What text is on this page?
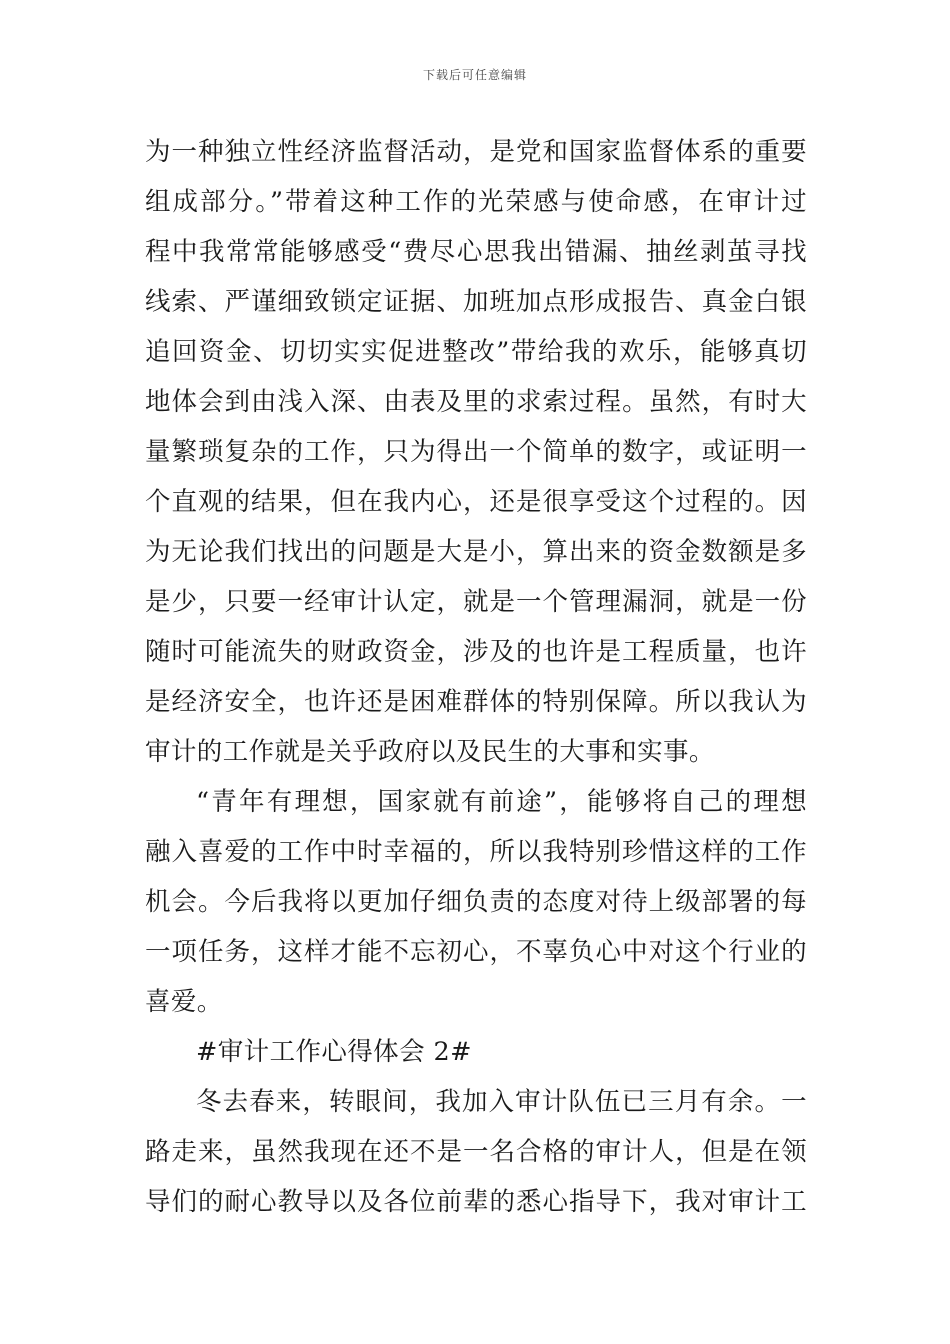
下载后可任意编辑
为一种独立性经济监督活动，是党和国家监督体系的重要
组成部分。”带着这种工作的光荣感与使命感，在审计过
程中我常常能够感受“费尽心思我出错漏、抽丝剥茧寻找
线索、严谨细致锁定证据、加班加点形成报告、真金白银
追回资金、切切实实促进整改”带给我的欢乐，能够真切
地体会到由浅入深、由表及里的求索过程。虽然，有时大
量繁琐复杂的工作，只为得出一个简单的数字，或证明一
个直观的结果，但在我内心，还是很享受这个过程的。因
为无论我们找出的问题是大是小，算出来的资金数额是多
是少，只要一经审计认定，就是一个管理漏洞，就是一份
随时可能流失的财政资金，涉及的也许是工程质量，也许
是经济安全，也许还是困难群体的特别保障。所以我认为
审计的工作就是关乎政府以及民生的大事和实事。
“青年有理想，国家就有前途”，能够将自己的理想
融入喜爱的工作中时幸福的，所以我特别珍惜这样的工作
机会。今后我将以更加仔细负责的态度对待上级部署的每
一项任务，这样才能不忘初心，不辜负心中对这个行业的
喜爱。
#审计工作心得体会 2#
冬去春来，转眼间，我加入审计队伍已三月有余。一
路走来，虽然我现在还不是一名合格的审计人，但是在领
导们的耐心教导以及各位前辈的悉心指导下，我对审计工
